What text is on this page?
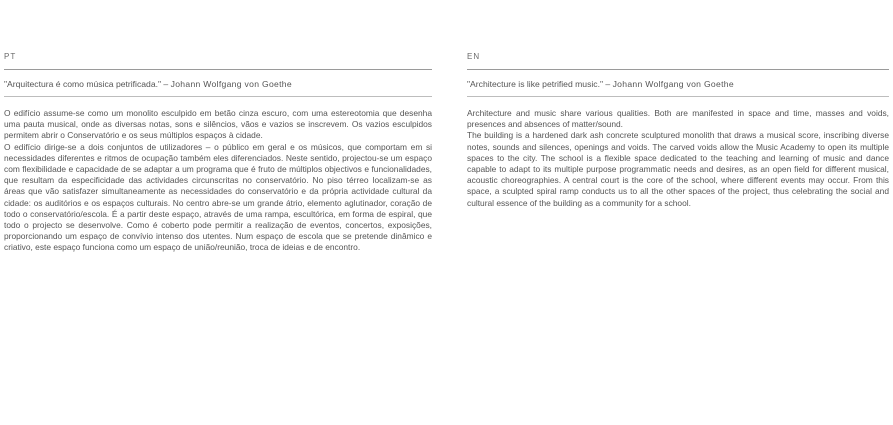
PT
"Arquitectura é como música petrificada." – Johann Wolfgang von Goethe

O edifício assume-se como um monolito esculpido em betão cinza escuro, com uma estereotomia que desenha uma pauta musical, onde as diversas notas, sons e silêncios, vãos e vazios se inscrevem. Os vazios esculpidos permitem abrir o Conservatório e os seus múltiplos espaços à cidade.

O edifício dirige-se a dois conjuntos de utilizadores – o público em geral e os músicos, que comportam em si necessidades diferentes e ritmos de ocupação também eles diferenciados. Neste sentido, projectou-se um espaço com flexibilidade e capacidade de se adaptar a um programa que é fruto de múltiplos objectivos e funcionalidades, que resultam da especificidade das actividades circunscritas no conservatório. No piso térreo localizam-se as áreas que vão satisfazer simultaneamente as necessidades do conservatório e da própria actividade cultural da cidade: os auditórios e os espaços culturais. No centro abre-se um grande átrio, elemento aglutinador, coração de todo o conservatório/escola. É a partir deste espaço, através de uma rampa, escultórica, em forma de espiral, que todo o projecto se desenvolve. Como é coberto pode permitir a realização de eventos, concertos, exposições, proporcionando um espaço de convívio intenso dos utentes. Num espaço de escola que se pretende dinâmico e criativo, este espaço funciona como um espaço de união/reunião, troca de ideias e de encontro.

EN
"Architecture is like petrified music." – Johann Wolfgang von Goethe

Architecture and music share various qualities. Both are manifested in space and time, masses and voids, presences and absences of matter/sound.

The building is a hardened dark ash concrete sculptured monolith that draws a musical score, inscribing diverse notes, sounds and silences, openings and voids. The carved voids allow the Music Academy to open its multiple spaces to the city. The school is a flexible space dedicated to the teaching and learning of music and dance capable to adapt to its multiple purpose programmatic needs and desires, as an open field for different musical, acoustic choreographies. A central court is the core of the school, where different events may occur. From this space, a sculpted spiral ramp conducts us to all the other spaces of the project, thus celebrating the social and cultural essence of the building as a community for a school.
